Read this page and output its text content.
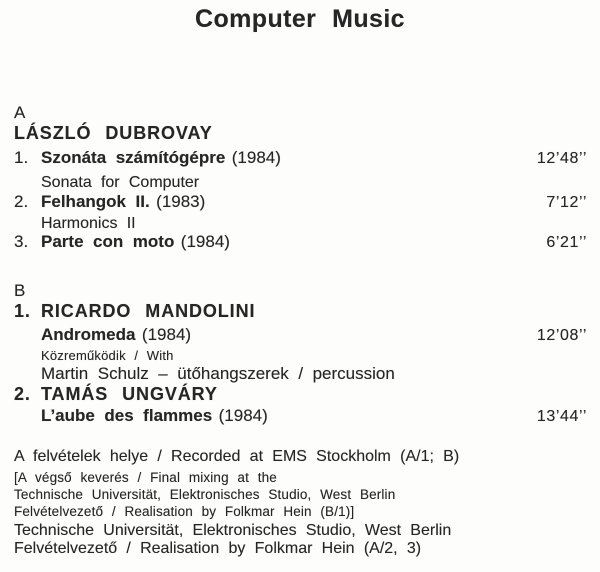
Computer Music
A
LÁSZLÓ DUBROVAY
1. Szonáta számítógépre (1984)	12’48’’
Sonata for Computer
2. Felhangok II. (1983)	7’12’’
Harmonics II
3. Parte con moto (1984)	6’21’’
B
1. RICARDO MANDOLINI
Andromeda (1984)	12’08’’
Közreműködik / With
Martin Schulz – ütőhangszerek / percussion
2. TAMÁS UNGVÁRY
L’aube des flammes (1984)	13’44’’
A felvételek helye / Recorded at EMS Stockholm (A/1; B)
[A végső keverés / Final mixing at the
Technische Universität, Elektronisches Studio, West Berlin
Felvételvezető / Realisation by Folkmar Hein (B/1)]
Technische Universität, Elektronisches Studio, West Berlin
Felvételvezető / Realisation by Folkmar Hein (A/2, 3)
